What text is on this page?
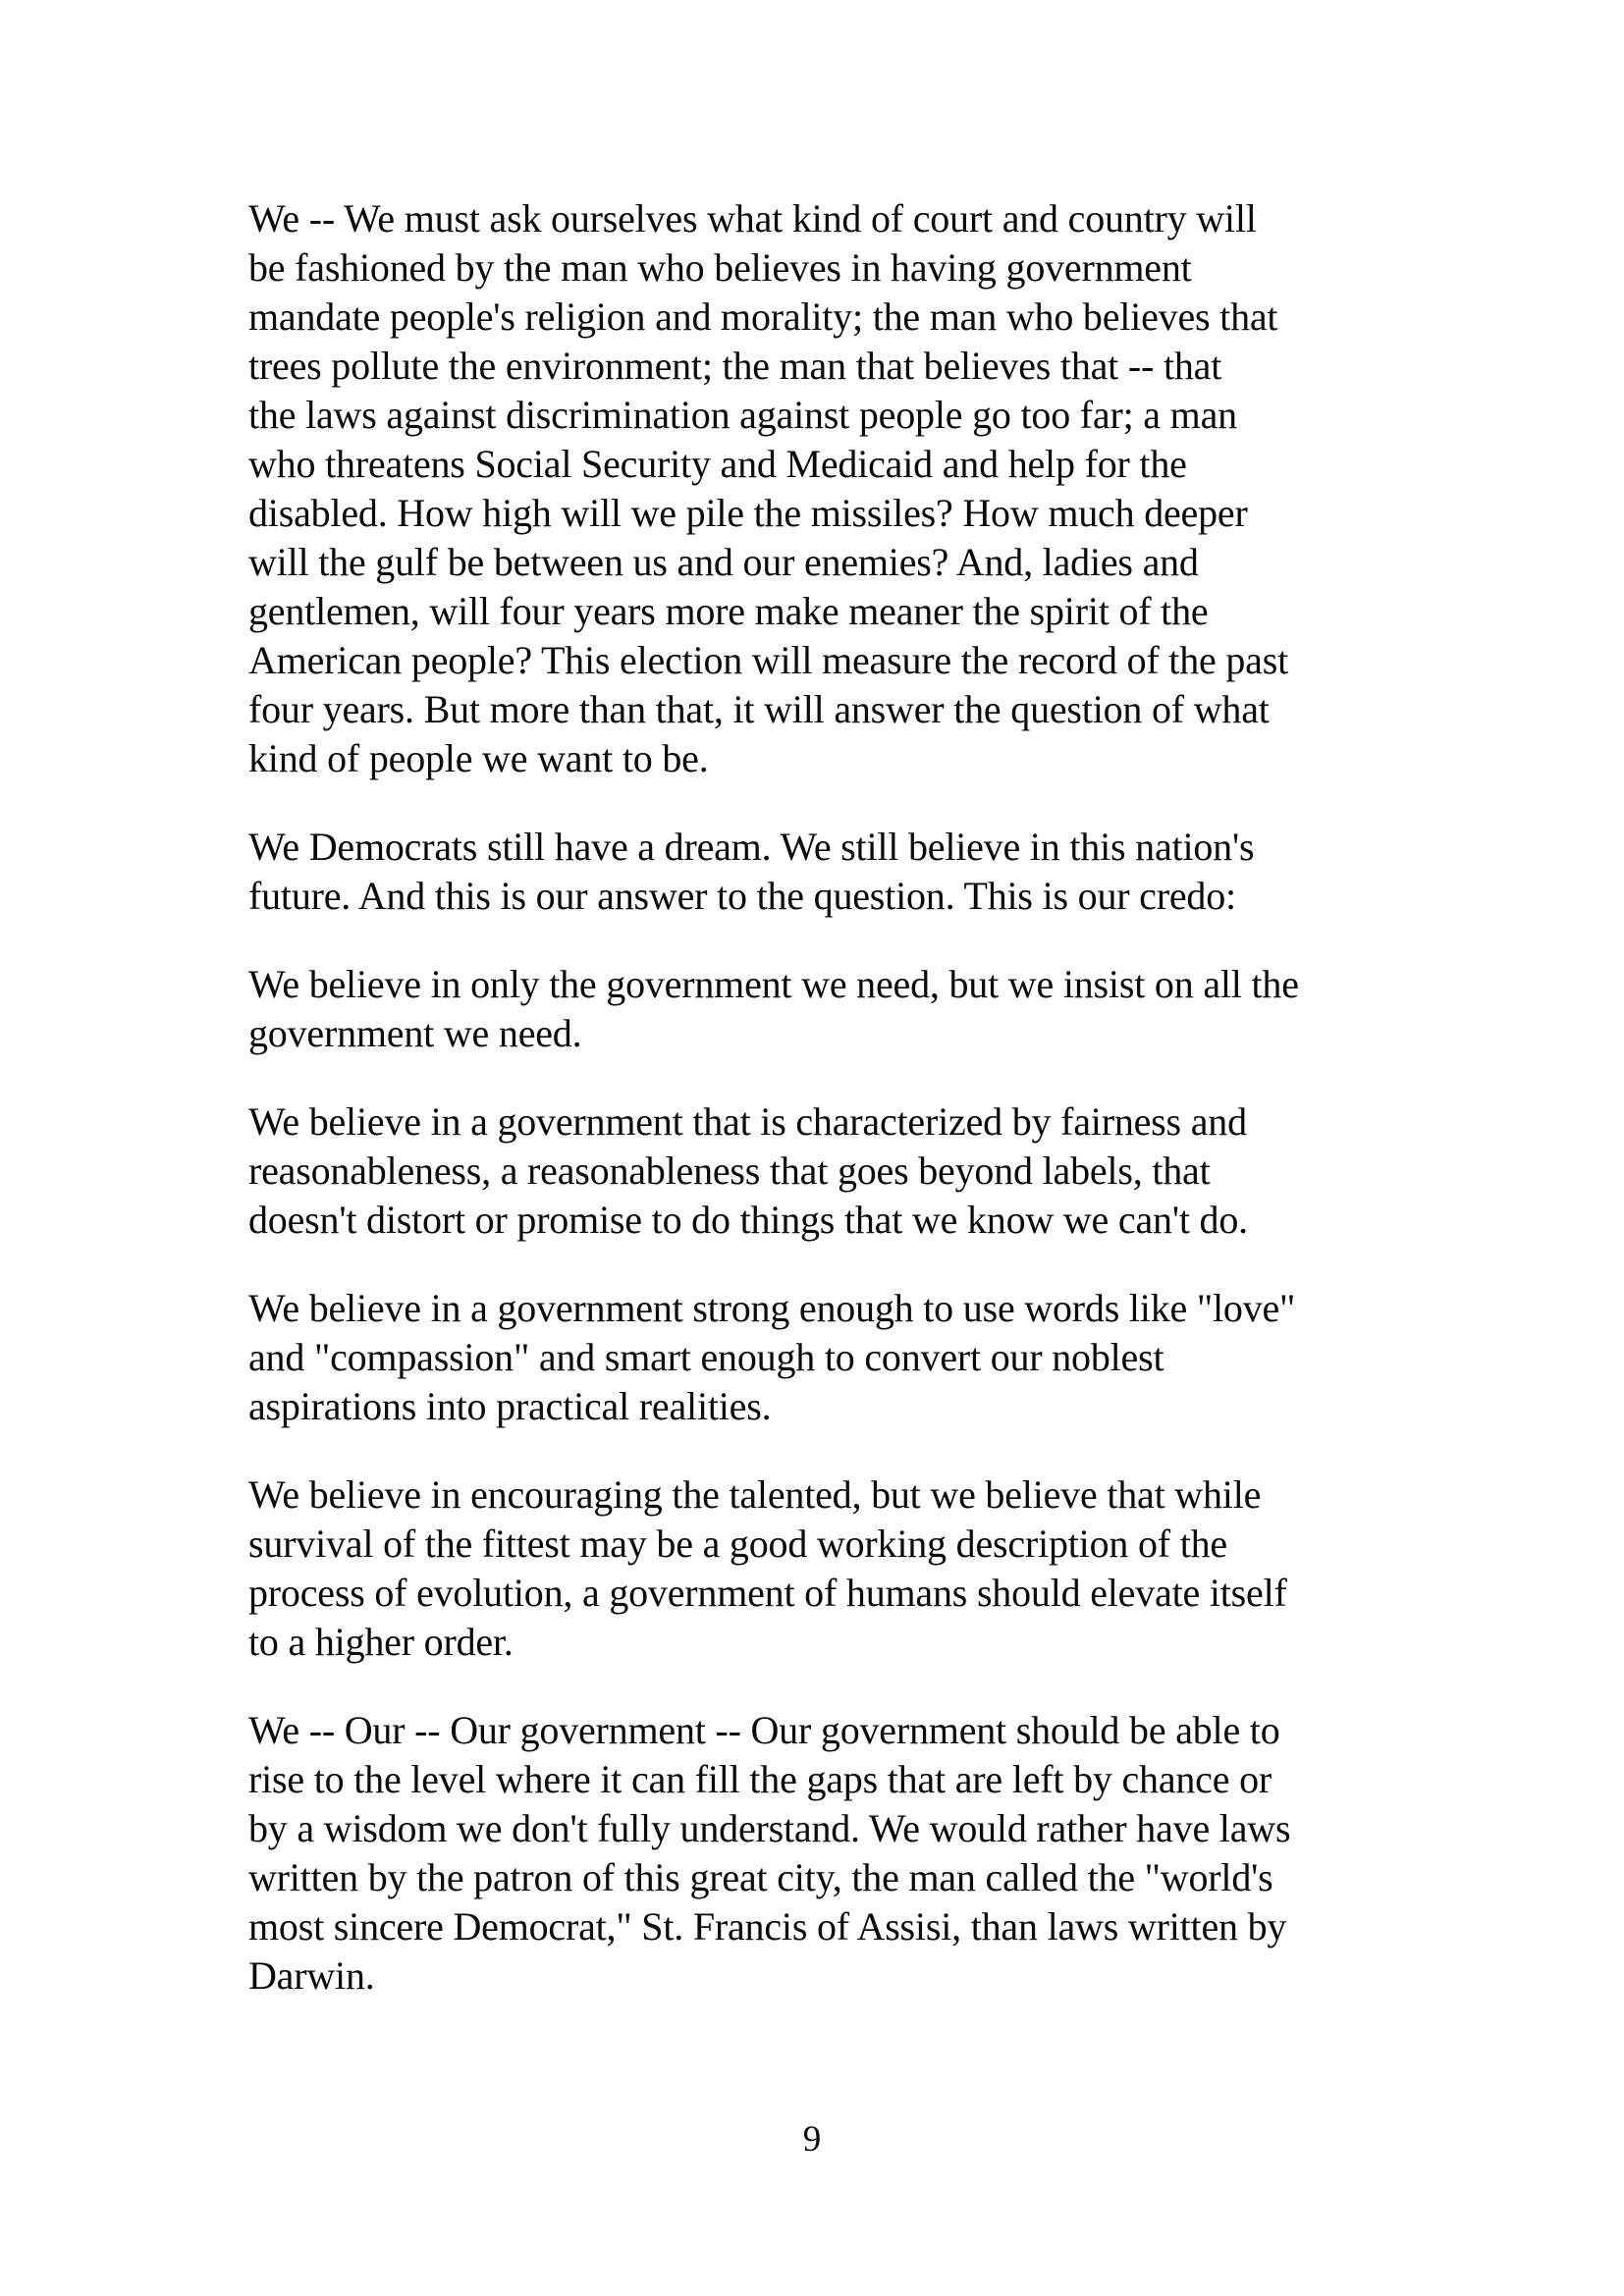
We -- We must ask ourselves what kind of court and country will
be fashioned by the man who believes in having government
mandate people's religion and morality; the man who believes that
trees pollute the environment; the man that believes that -- that
the laws against discrimination against people go too far; a man
who threatens Social Security and Medicaid and help for the
disabled. How high will we pile the missiles? How much deeper
will the gulf be between us and our enemies? And, ladies and
gentlemen, will four years more make meaner the spirit of the
American people? This election will measure the record of the past
four years. But more than that, it will answer the question of what
kind of people we want to be.
We Democrats still have a dream. We still believe in this nation's
future. And this is our answer to the question. This is our credo:
We believe in only the government we need, but we insist on all the
government we need.
We believe in a government that is characterized by fairness and
reasonableness, a reasonableness that goes beyond labels, that
doesn't distort or promise to do things that we know we can't do.
We believe in a government strong enough to use words like "love"
and "compassion" and smart enough to convert our noblest
aspirations into practical realities.
We believe in encouraging the talented, but we believe that while
survival of the fittest may be a good working description of the
process of evolution, a government of humans should elevate itself
to a higher order.
We -- Our -- Our government -- Our government should be able to
rise to the level where it can fill the gaps that are left by chance or
by a wisdom we don't fully understand. We would rather have laws
written by the patron of this great city, the man called the "world's
most sincere Democrat," St. Francis of Assisi, than laws written by
Darwin.
9
